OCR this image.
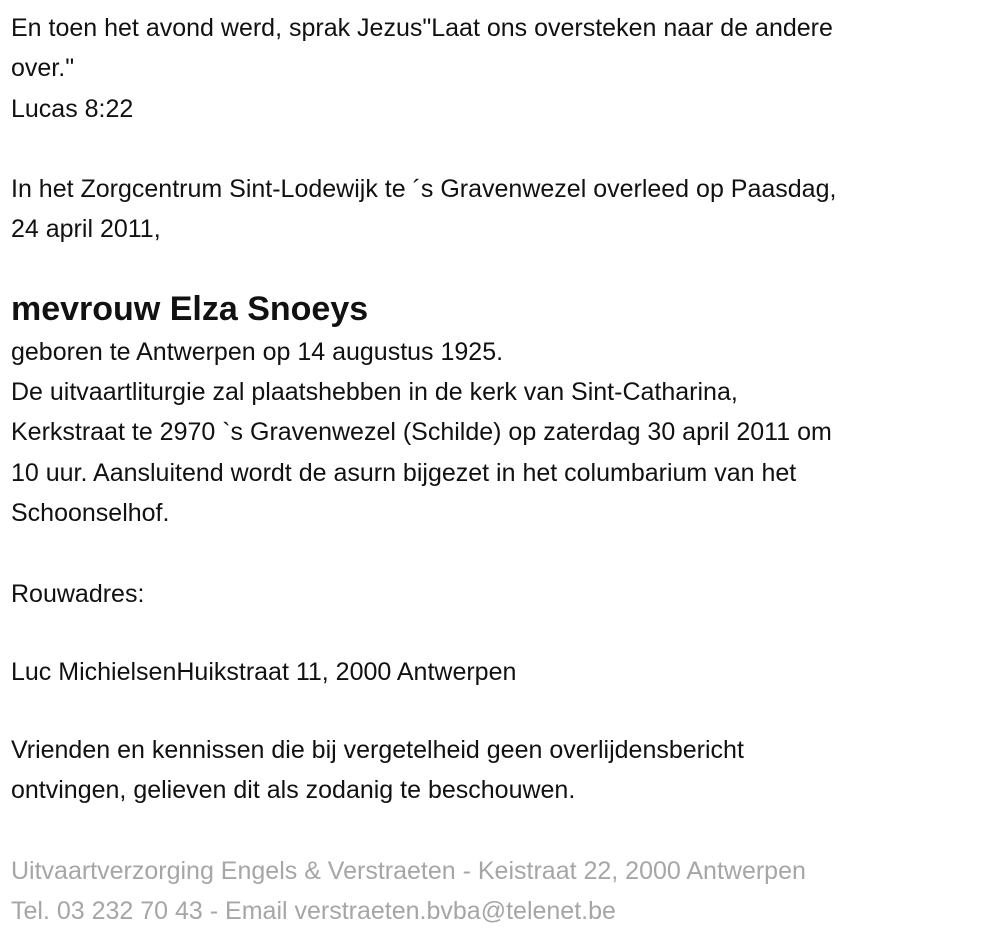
En toen het avond werd, sprak Jezus"Laat ons oversteken naar de andere
over."
Lucas 8:22
In het Zorgcentrum Sint-Lodewijk te ´s Gravenwezel overleed op Paasdag,
24 april 2011,
mevrouw Elza Snoeys
geboren te Antwerpen op 14 augustus 1925.
De uitvaartliturgie zal plaatshebben in de kerk van Sint-Catharina,
Kerkstraat te 2970 `s Gravenwezel (Schilde) op zaterdag 30 april 2011 om
10 uur. Aansluitend wordt de asurn bijgezet in het columbarium van het
Schoonselhof.
Rouwadres:
Luc MichielsenHuikstraat 11, 2000 Antwerpen
Vrienden en kennissen die bij vergetelheid geen overlijdensbericht
ontvingen, gelieven dit als zodanig te beschouwen.
Uitvaartverzorging Engels & Verstraeten - Keistraat 22, 2000 Antwerpen
Tel. 03 232 70 43 - Email verstraeten.bvba@telenet.be
